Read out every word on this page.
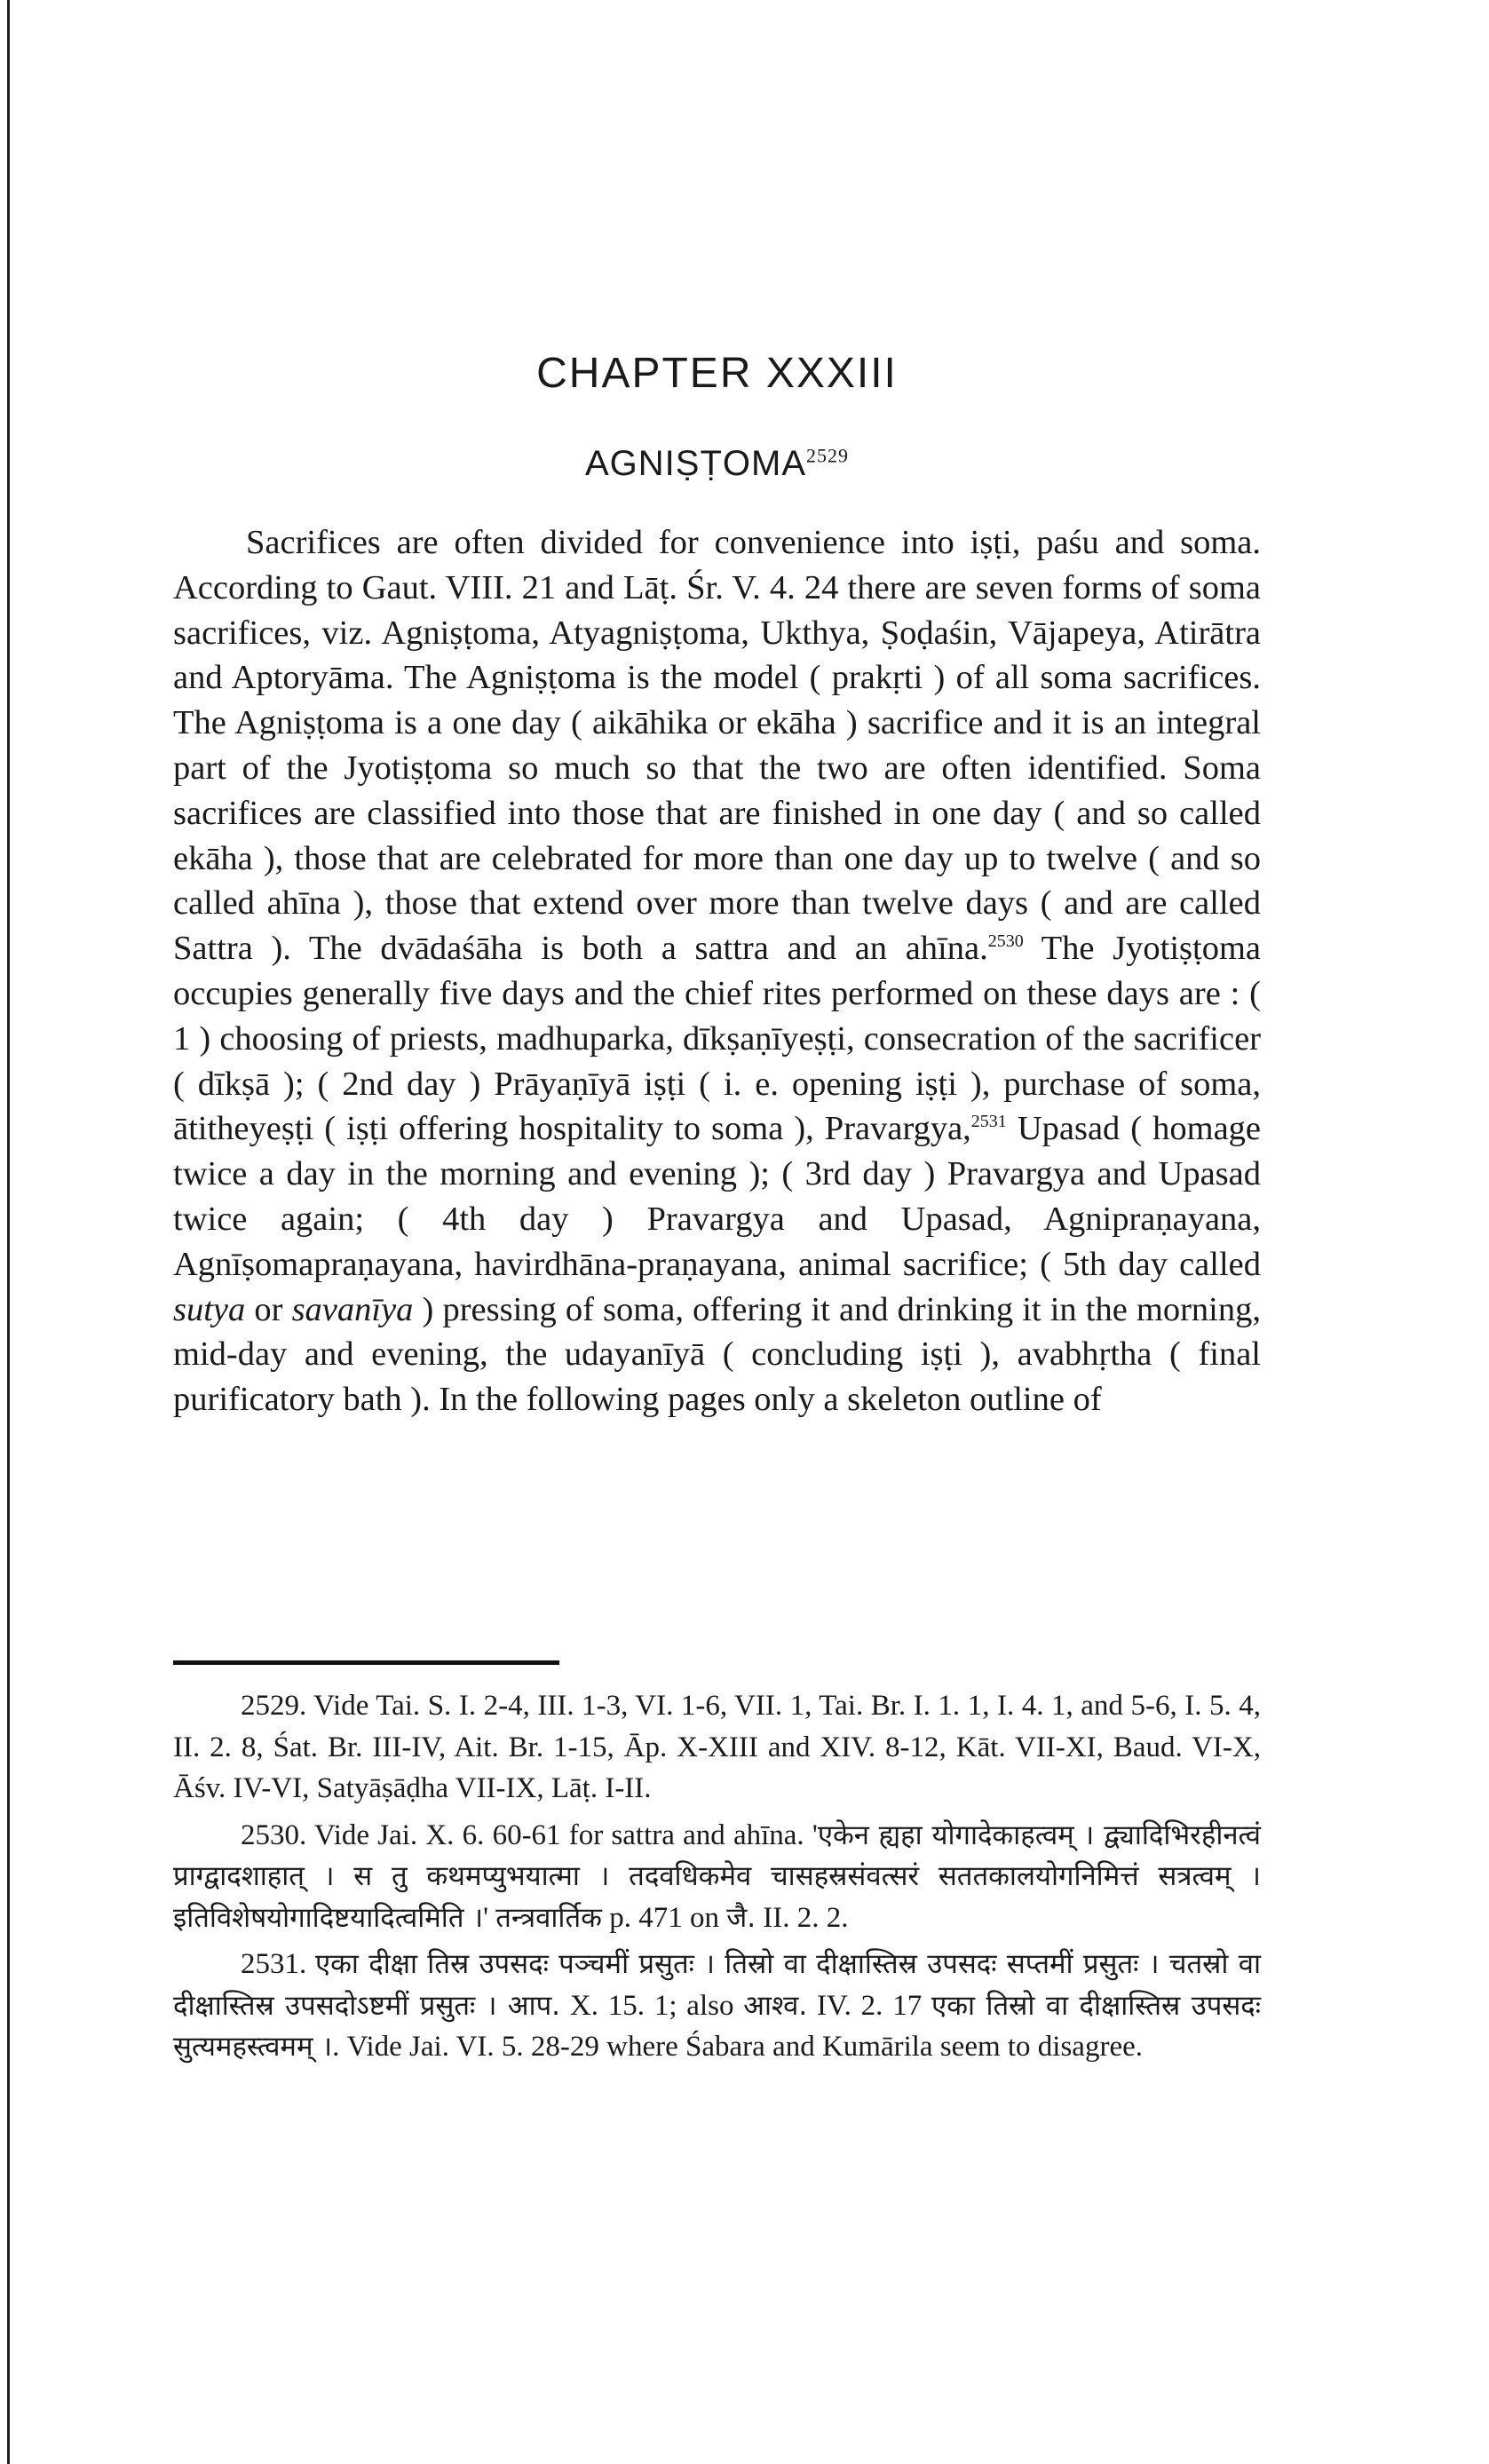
CHAPTER XXXIII
AGNIṢṬOMA$^{2529}$

Sacrifices are often divided for convenience into iṣṭi, paśu and soma. According to Gaut. VIII. 21 and Lāṭ. Śr. V. 4. 24 there are seven forms of soma sacrifices, viz. Agniṣṭoma, Atyagniṣṭoma, Ukthya, Ṣoḍaśin, Vājapeya, Atirātra and Aptoryāma. The Agniṣṭoma is the model ( prakṛti ) of all soma sacrifices. The Agniṣṭoma is a one day ( aikāhika or ekāha ) sacrifice and it is an integral part of the Jyotiṣṭoma so much so that the two are often identified. Soma sacrifices are classified into those that are finished in one day ( and so called ekāha ), those that are celebrated for more than one day up to twelve ( and so called ahīna ), those that extend over more than twelve days ( and are called Sattra ). The dvādaśāha is both a sattra and an ahīna.$^{2530}$ The Jyotiṣṭoma occupies generally five days and the chief rites performed on these days are : ( 1 ) choosing of priests, madhuparka, dīkṣaṇīyeṣṭi, consecration of the sacrificer ( dīkṣā ); ( 2nd day ) Prāyaṇīyā iṣṭi ( i. e. opening iṣṭi ), purchase of soma, ātitheyeṣṭi ( iṣṭi offering hospitality to soma ), Pravargya,$^{2531}$ Upasad ( homage twice a day in the morning and evening ); ( 3rd day ) Pravargya and Upasad twice again; ( 4th day ) Pravargya and Upasad, Agnipraṇayana, Agnīṣomapraṇayana, havirdhāna-praṇayana, animal sacrifice; ( 5th day called sutya or savanīya ) pressing of soma, offering it and drinking it in the morning, mid-day and evening, the udayanīyā ( concluding iṣṭi ), avabhṛtha ( final purificatory bath ). In the following pages only a skeleton outline of

2529. Vide Tai. S. I. 2-4, III. 1-3, VI. 1-6, VII. 1, Tai. Br. I. 1. 1, I. 4. 1, and 5-6, I. 5. 4, II. 2. 8, Śat. Br. III-IV, Ait. Br. 1-15, Āp. X-XIII and XIV. 8-12, Kāt. VII-XI, Baud. VI-X, Āśv. IV-VI, Satyāṣāḍha VII-IX, Lāṭ. I-II.

2530. Vide Jai. X. 6. 60-61 for sattra and ahīna. 'एकेन ह्यहा योगादेकाहत्वम् । द्व्यादिभिरहीनत्वं प्राग्द्वादशाहात् । स तु कथमप्युभयात्मा । तदवधिकमेव चासहस्रसंवत्सरं सततकालयोगनिमित्तं सत्रत्वम् । इतिविशेषयोगादिष्टयादित्वमिति ।' तन्त्रवार्तिक p. 471 on जै. II. 2. 2.

2531. एका दीक्षा तिस्र उपसदः पञ्चमीं प्रसुतः । तिस्रो वा दीक्षास्तिस्र उपसदः सप्तमीं प्रसुतः । चतस्रो वा दीक्षास्तिस्र उपसदोऽष्टमीं प्रसुतः । आप. X. 15. 1; also आश्व. IV. 2. 17 एका तिस्रो वा दीक्षास्तिस्र उपसदः सुत्यमहस्त्वमम् ।. Vide Jai. VI. 5. 28-29 where Śabara and Kumārila seem to disagree.
